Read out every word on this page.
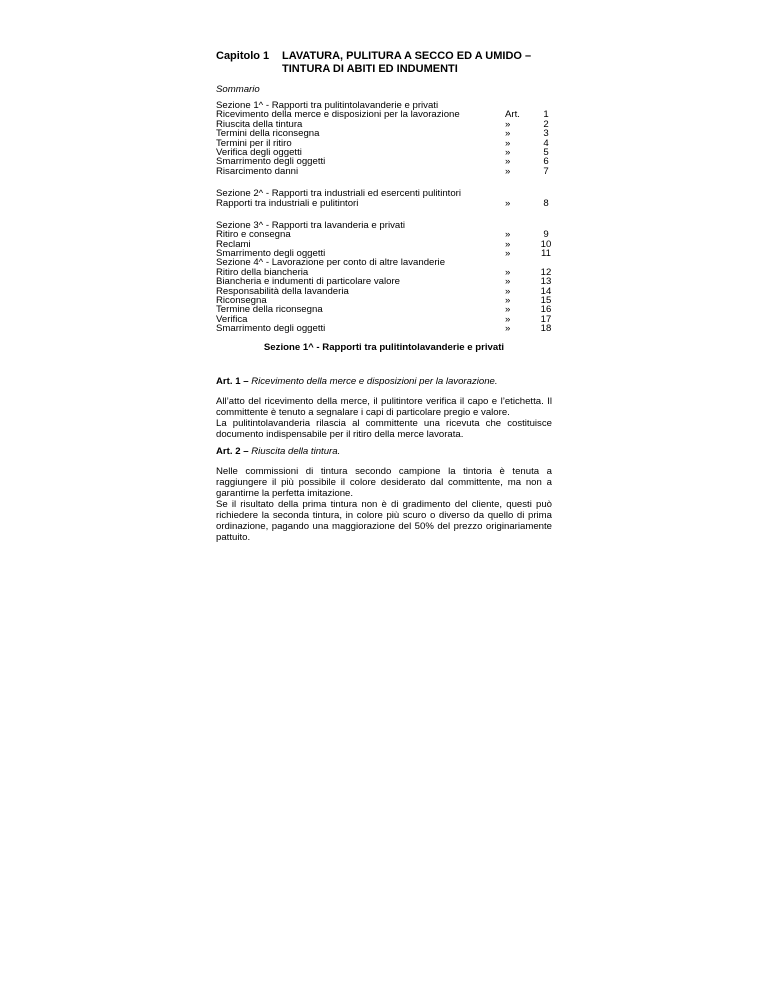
Capitolo 1 LAVATURA, PULITURA A SECCO ED A UMIDO –
TINTURA DI ABITI ED INDUMENTI
Sommario
Sezione 1^ - Rapporti tra pulitintolavanderie e privati
Ricevimento della merce e disposizioni per la lavorazione	Art.	1
Riuscita della tintura	»	2
Termini della riconsegna	»	3
Termini per il ritiro	»	4
Verifica degli oggetti	»	5
Smarrimento degli oggetti	»	6
Risarcimento danni	»	7
Sezione 2^ - Rapporti tra industriali ed esercenti pulitintori
Rapporti tra industriali e pulitintori	»	8
Sezione 3^ - Rapporti tra lavanderia e privati
Ritiro e consegna	»	9
Reclami	»	10
Smarrimento degli oggetti	»	11
Sezione 4^ - Lavorazione per conto di altre lavanderie
Ritiro della biancheria	»	12
Biancheria e indumenti di particolare valore	»	13
Responsabilità della lavanderia	»	14
Riconsegna	»	15
Termine della riconsegna	»	16
Verifica	»	17
Smarrimento degli oggetti	»	18
Sezione 1^ - Rapporti tra pulitintolavanderie e privati
Art. 1 – Ricevimento della merce e disposizioni per la lavorazione.

All’atto del ricevimento della merce, il pulitintore verifica il capo e l’etichetta. Il committente è tenuto a segnalare i capi di particolare pregio e valore.

La pulitintolavanderia rilascia al committente una ricevuta che costituisce documento indispensabile per il ritiro della merce lavorata.

Art. 2 – Riuscita della tintura.

Nelle commissioni di tintura secondo campione la tintoria è tenuta a raggiungere il più possibile il colore desiderato dal committente, ma non a garantirne la perfetta imitazione.

Se il risultato della prima tintura non è di gradimento del cliente, questi può richiedere la seconda tintura, in colore più scuro o diverso da quello di prima ordinazione, pagando una maggiorazione del 50% del prezzo originariamente pattuito.
